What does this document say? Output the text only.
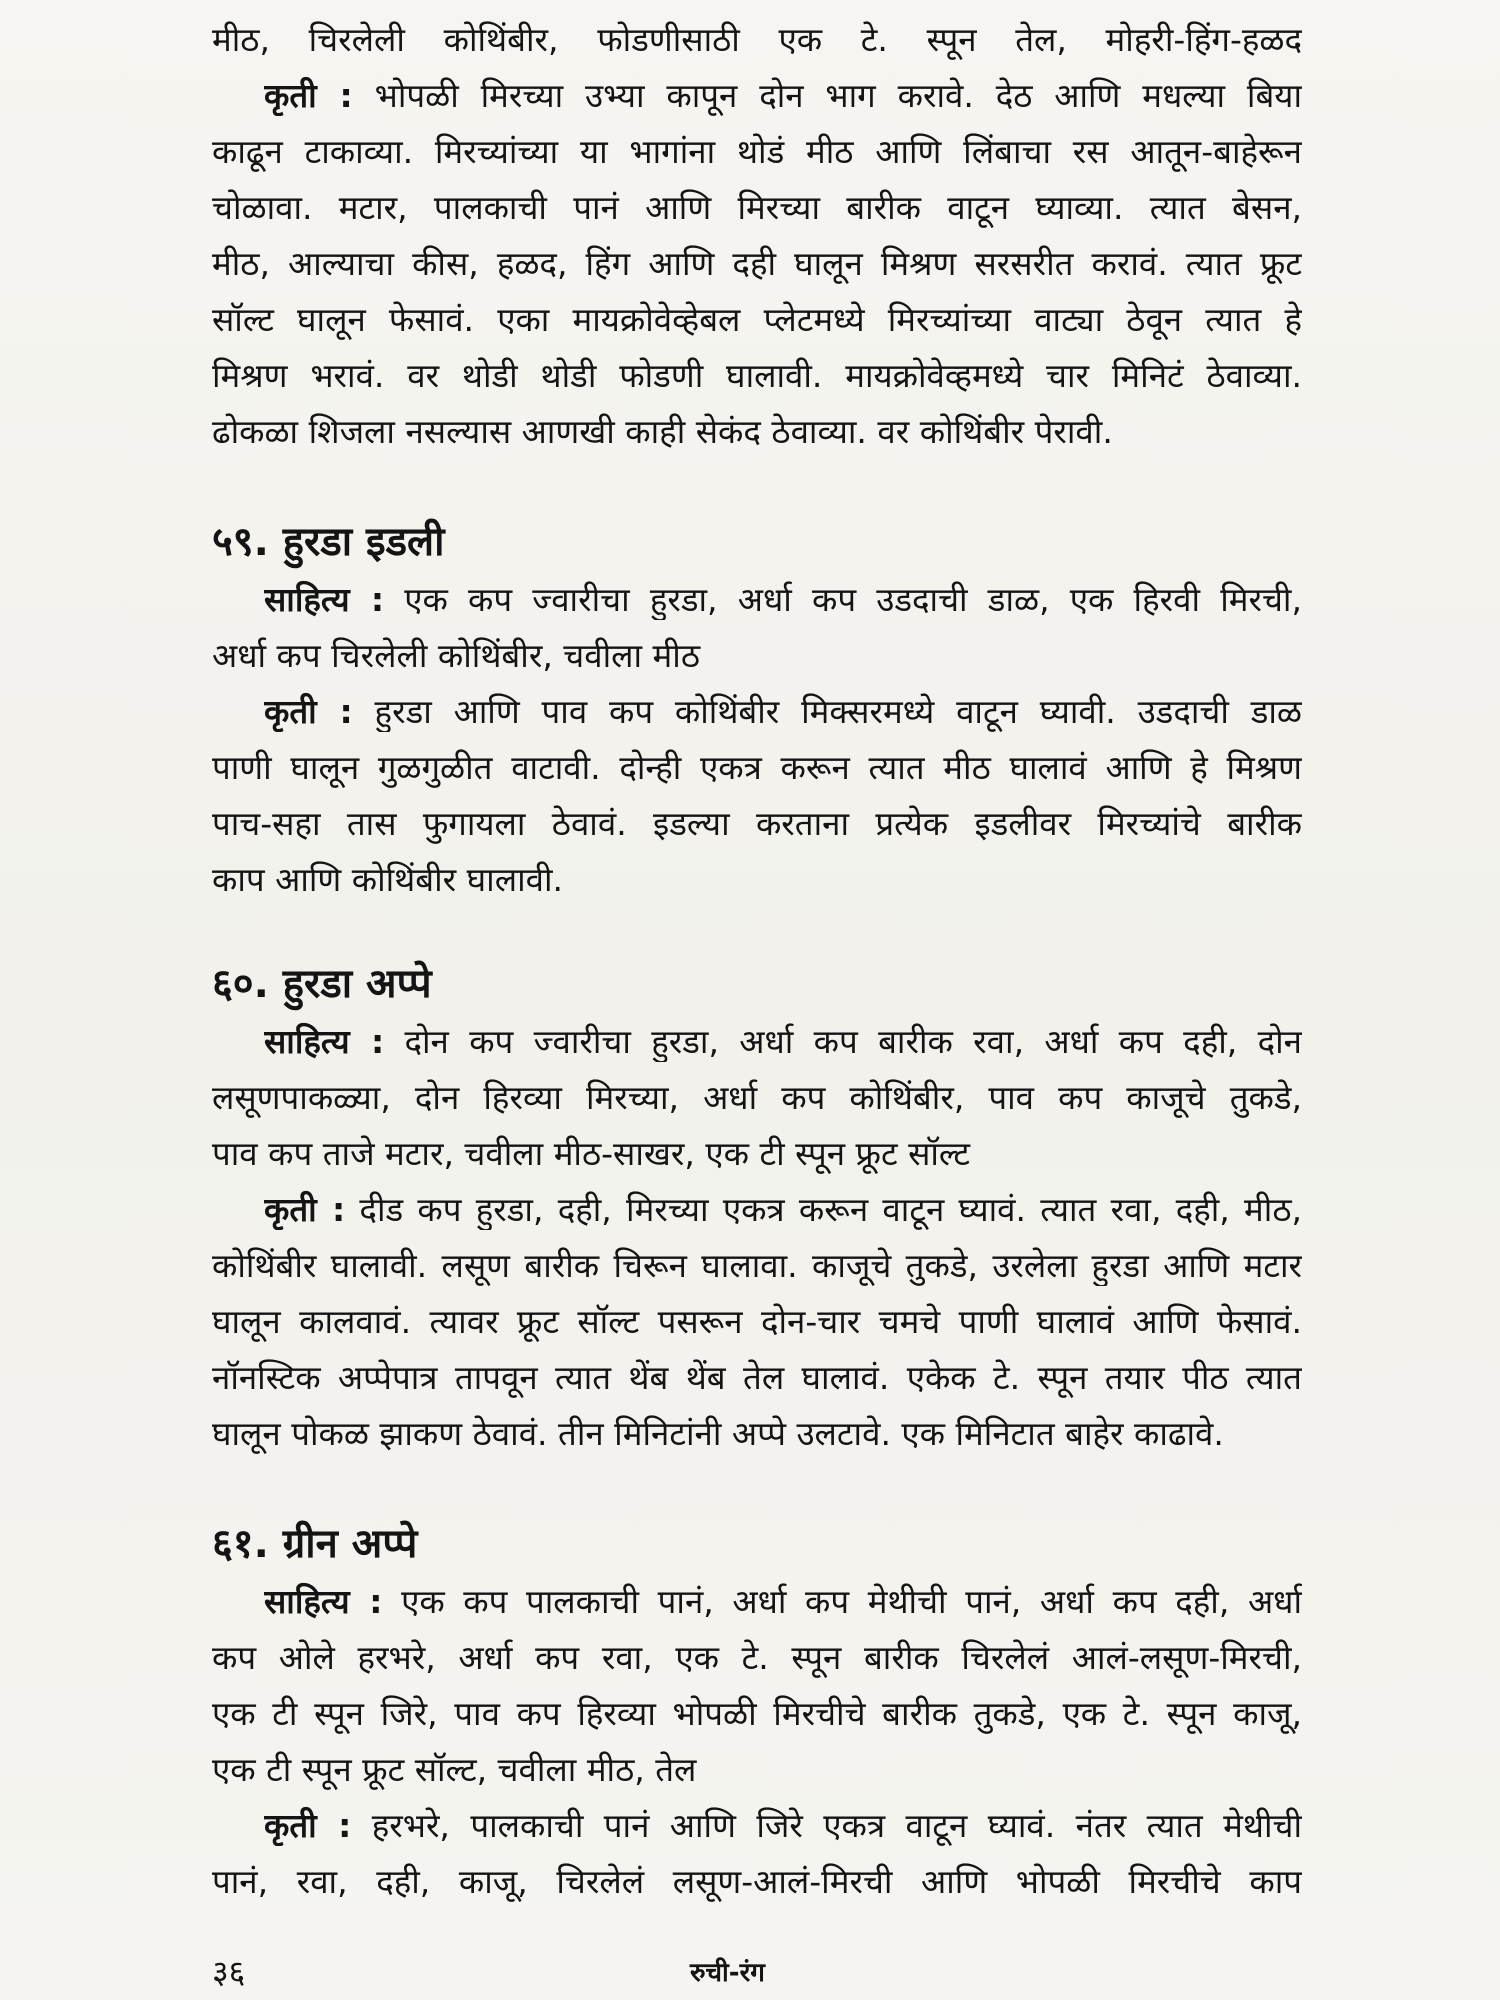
मीठ, चिरलेली कोथिंबीर, फोडणीसाठी एक टे. स्पून तेल, मोहरी-हिंग-हळद
कृती : भोपळी मिरच्या उभ्या कापून दोन भाग करावे. देठ आणि मधल्या बिया
काढून टाकाव्या. मिरच्यांच्या या भागांना थोडं मीठ आणि लिंबाचा रस आतून-बाहेरून
चोळावा. मटार, पालकाची पानं आणि मिरच्या बारीक वाटून घ्याव्या. त्यात बेसन,
मीठ, आल्याचा कीस, हळद, हिंग आणि दही घालून मिश्रण सरसरीत करावं. त्यात फ्रूट
सॉल्ट घालून फेसावं. एका मायक्रोवेव्हेबल प्लेटमध्ये मिरच्यांच्या वाट्या ठेवून त्यात हे
मिश्रण भरावं. वर थोडी थोडी फोडणी घालावी. मायक्रोवेव्हमध्ये चार मिनिटं ठेवाव्या.
ढोकळा शिजला नसल्यास आणखी काही सेकंद ठेवाव्या. वर कोथिंबीर पेरावी.
५९. हुरडा इडली
साहित्य : एक कप ज्वारीचा हुरडा, अर्धा कप उडदाची डाळ, एक हिरवी मिरची,
अर्धा कप चिरलेली कोथिंबीर, चवीला मीठ
कृती : हुरडा आणि पाव कप कोथिंबीर मिक्सरमध्ये वाटून घ्यावी. उडदाची डाळ
पाणी घालून गुळगुळीत वाटावी. दोन्ही एकत्र करून त्यात मीठ घालावं आणि हे मिश्रण
पाच-सहा तास फुगायला ठेवावं. इडल्या करताना प्रत्येक इडलीवर मिरच्यांचे बारीक
काप आणि कोथिंबीर घालावी.
६०. हुरडा अप्पे
साहित्य : दोन कप ज्वारीचा हुरडा, अर्धा कप बारीक रवा, अर्धा कप दही, दोन
लसूणपाकळ्या, दोन हिरव्या मिरच्या, अर्धा कप कोथिंबीर, पाव कप काजूचे तुकडे,
पाव कप ताजे मटार, चवीला मीठ-साखर, एक टी स्पून फ्रूट सॉल्ट
कृती : दीड कप हुरडा, दही, मिरच्या एकत्र करून वाटून घ्यावं. त्यात रवा, दही, मीठ,
कोथिंबीर घालावी. लसूण बारीक चिरून घालावा. काजूचे तुकडे, उरलेला हुरडा आणि मटार
घालून कालवावं. त्यावर फ्रूट सॉल्ट पसरून दोन-चार चमचे पाणी घालावं आणि फेसावं.
नॉनस्टिक अप्पेपात्र तापवून त्यात थेंब थेंब तेल घालावं. एकेक टे. स्पून तयार पीठ त्यात
घालून पोकळ झाकण ठेवावं. तीन मिनिटांनी अप्पे उलटावे. एक मिनिटात बाहेर काढावे.
६१. ग्रीन अप्पे
साहित्य : एक कप पालकाची पानं, अर्धा कप मेथीची पानं, अर्धा कप दही, अर्धा
कप ओले हरभरे, अर्धा कप रवा, एक टे. स्पून बारीक चिरलेलं आलं-लसूण-मिरची,
एक टी स्पून जिरे, पाव कप हिरव्या भोपळी मिरचीचे बारीक तुकडे, एक टे. स्पून काजू,
एक टी स्पून फ्रूट सॉल्ट, चवीला मीठ, तेल
कृती : हरभरे, पालकाची पानं आणि जिरे एकत्र वाटून घ्यावं. नंतर त्यात मेथीची
पानं, रवा, दही, काजू, चिरलेलं लसूण-आलं-मिरची आणि भोपळी मिरचीचे काप
३६	रुची-रंग
